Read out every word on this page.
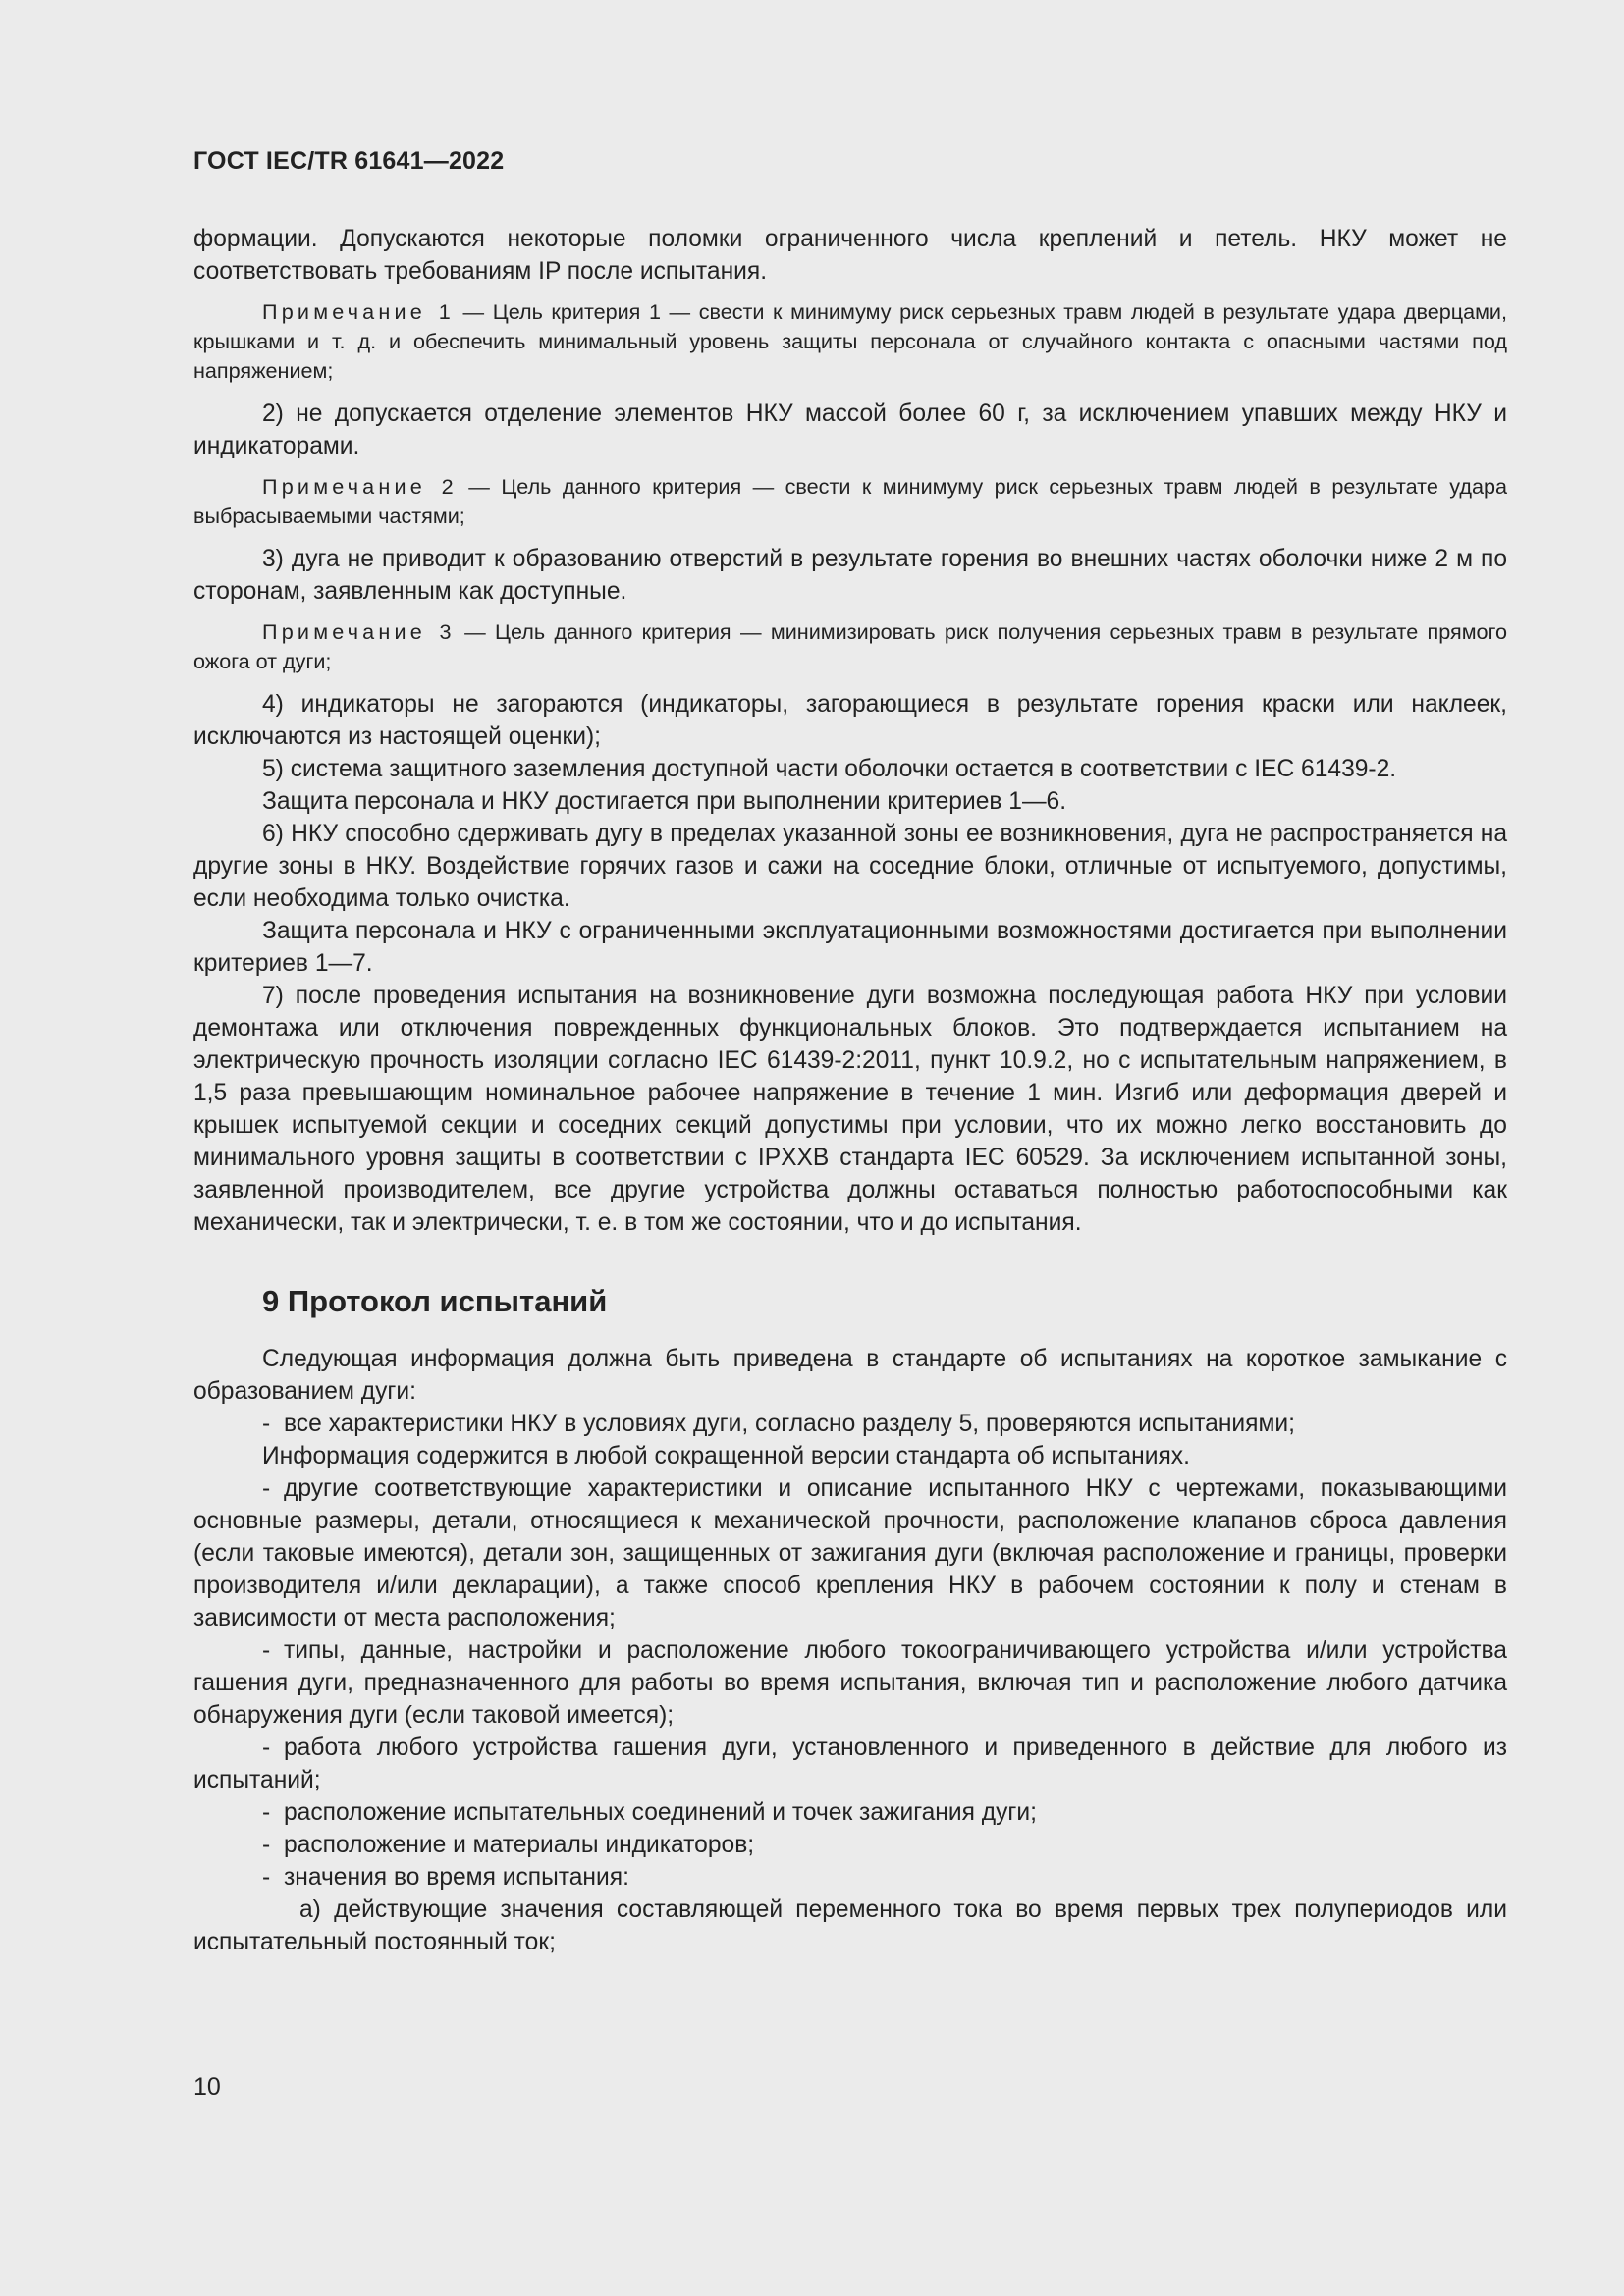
ГОСТ IEC/TR 61641—2022

формации. Допускаются некоторые поломки ограниченного числа креплений и петель. НКУ может не соответствовать требованиям IP после испытания.

Примечание 1 — Цель критерия 1 — свести к минимуму риск серьезных травм людей в результате удара дверцами, крышками и т. д. и обеспечить минимальный уровень защиты персонала от случайного контакта с опасными частями под напряжением;

2) не допускается отделение элементов НКУ массой более 60 г, за исключением упавших между НКУ и индикаторами.

Примечание 2 — Цель данного критерия — свести к минимуму риск серьезных травм людей в результате удара выбрасываемыми частями;

3) дуга не приводит к образованию отверстий в результате горения во внешних частях оболочки ниже 2 м по сторонам, заявленным как доступные.

Примечание 3 — Цель данного критерия — минимизировать риск получения серьезных травм в результате прямого ожога от дуги;

4) индикаторы не загораются (индикаторы, загорающиеся в результате горения краски или наклеек, исключаются из настоящей оценки);

5) система защитного заземления доступной части оболочки остается в соответствии с IEC 61439-2.

Защита персонала и НКУ достигается при выполнении критериев 1—6.

6) НКУ способно сдерживать дугу в пределах указанной зоны ее возникновения, дуга не распространяется на другие зоны в НКУ. Воздействие горячих газов и сажи на соседние блоки, отличные от испытуемого, допустимы, если необходима только очистка.

Защита персонала и НКУ с ограниченными эксплуатационными возможностями достигается при выполнении критериев 1—7.

7) после проведения испытания на возникновение дуги возможна последующая работа НКУ при условии демонтажа или отключения поврежденных функциональных блоков. Это подтверждается испытанием на электрическую прочность изоляции согласно IEC 61439-2:2011, пункт 10.9.2, но с испытательным напряжением, в 1,5 раза превышающим номинальное рабочее напряжение в течение 1 мин. Изгиб или деформация дверей и крышек испытуемой секции и соседних секций допустимы при условии, что их можно легко восстановить до минимального уровня защиты в соответствии с IPXXB стандарта IEC 60529. За исключением испытанной зоны, заявленной производителем, все другие устройства должны оставаться полностью работоспособными как механически, так и электрически, т. е. в том же состоянии, что и до испытания.

9 Протокол испытаний

Следующая информация должна быть приведена в стандарте об испытаниях на короткое замыкание с образованием дуги:

- все характеристики НКУ в условиях дуги, согласно разделу 5, проверяются испытаниями;

Информация содержится в любой сокращенной версии стандарта об испытаниях.

- другие соответствующие характеристики и описание испытанного НКУ с чертежами, показывающими основные размеры, детали, относящиеся к механической прочности, расположение клапанов сброса давления (если таковые имеются), детали зон, защищенных от зажигания дуги (включая расположение и границы, проверки производителя и/или декларации), а также способ крепления НКУ в рабочем состоянии к полу и стенам в зависимости от места расположения;

- типы, данные, настройки и расположение любого токоограничивающего устройства и/или устройства гашения дуги, предназначенного для работы во время испытания, включая тип и расположение любого датчика обнаружения дуги (если таковой имеется);

- работа любого устройства гашения дуги, установленного и приведенного в действие для любого из испытаний;

- расположение испытательных соединений и точек зажигания дуги;

- расположение и материалы индикаторов;

- значения во время испытания:

а) действующие значения составляющей переменного тока во время первых трех полупериодов или испытательный постоянный ток;

10
